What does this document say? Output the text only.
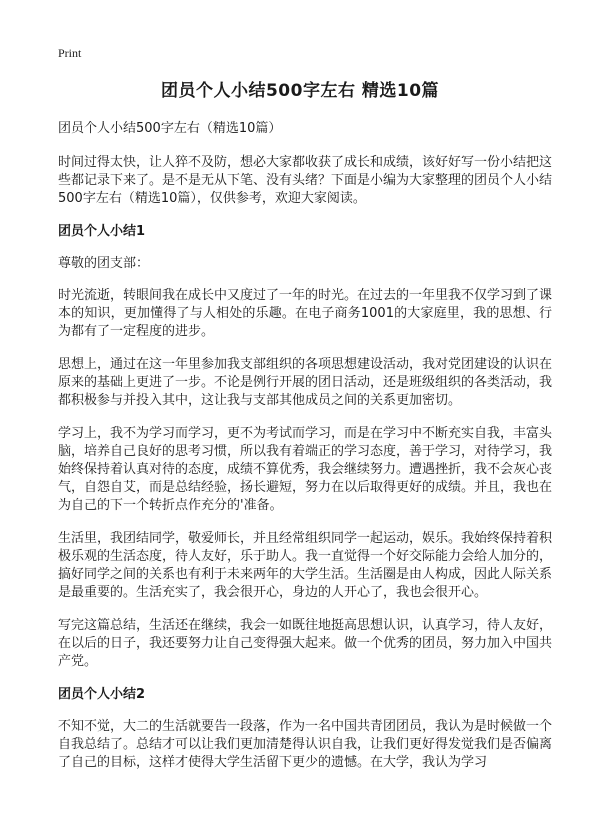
Print
团员个人小结500字左右 精选10篇

团员个人小结500字左右（精选10篇）

时间过得太快，让人猝不及防，想必大家都收获了成长和成绩，该好好写一份小结把这些都记录下来了。是不是无从下笔、没有头绪？下面是小编为大家整理的团员个人小结500字左右（精选10篇），仅供参考，欢迎大家阅读。

团员个人小结1

尊敬的团支部：

时光流逝，转眼间我在成长中又度过了一年的时光。在过去的一年里我不仅学习到了课本的知识，更加懂得了与人相处的乐趣。在电子商务1001的大家庭里，我的思想、行为都有了一定程度的进步。

思想上，通过在这一年里参加我支部组织的各项思想建设活动，我对党团建设的认识在原来的基础上更进了一步。不论是例行开展的团日活动，还是班级组织的各类活动，我都积极参与并投入其中，这让我与支部其他成员之间的关系更加密切。

学习上，我不为学习而学习，更不为考试而学习，而是在学习中不断充实自我，丰富头脑，培养自己良好的思考习惯，所以我有着端正的学习态度，善于学习，对待学习，我始终保持着认真对待的态度，成绩不算优秀，我会继续努力。遭遇挫折，我不会灰心丧气，自怨自艾，而是总结经验，扬长避短，努力在以后取得更好的成绩。并且，我也在为自己的下一个转折点作充分的'准备。

生活里，我团结同学，敬爱师长，并且经常组织同学一起运动，娱乐。我始终保持着积极乐观的生活态度，待人友好，乐于助人。我一直觉得一个好交际能力会给人加分的，搞好同学之间的关系也有利于未来两年的大学生活。生活圈是由人构成，因此人际关系是最重要的。生活充实了，我会很开心，身边的人开心了，我也会很开心。

写完这篇总结，生活还在继续，我会一如既往地挺高思想认识，认真学习，待人友好，在以后的日子，我还要努力让自己变得强大起来。做一个优秀的团员，努力加入中国共产党。

团员个人小结2

不知不觉，大二的生活就要告一段落，作为一名中国共青团团员，我认为是时候做一个自我总结了。总结才可以让我们更加清楚得认识自我，让我们更好得发觉我们是否偏离了自己的目标，这样才使得大学生活留下更少的遗憾。在大学，我认为学习
